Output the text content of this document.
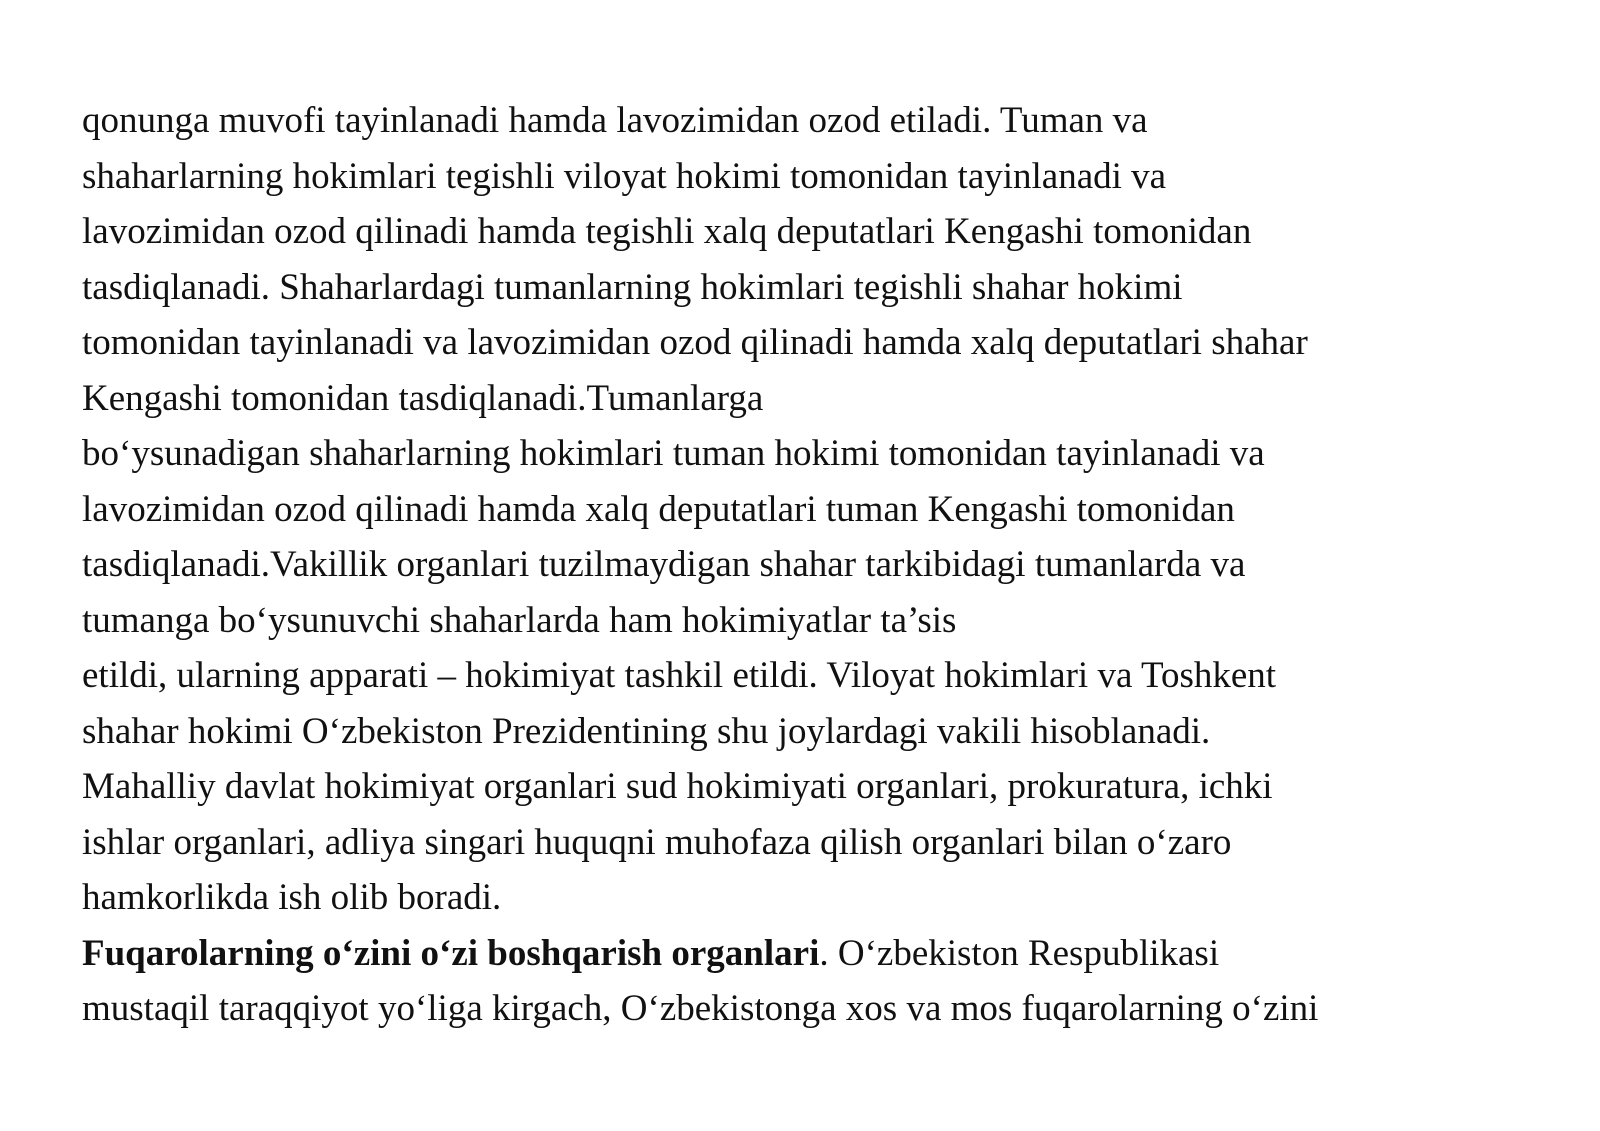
qonunga muvofi tayinlanadi hamda lavozimidan ozod etiladi. Tuman va
shaharlarning hokimlari tegishli viloyat hokimi tomonidan tayinlanadi va
lavozimidan ozod qilinadi hamda tegishli xalq deputatlari Kengashi tomonidan
tasdiqlanadi. Shaharlardagi tumanlarning hokimlari tegishli shahar hokimi
tomonidan tayinlanadi va lavozimidan ozod qilinadi hamda xalq deputatlari shahar
Kengashi tomonidan tasdiqlanadi.Tumanlarga
bo‘ysunadigan shaharlarning hokimlari tuman hokimi tomonidan tayinlanadi va
lavozimidan ozod qilinadi hamda xalq deputatlari tuman Kengashi tomonidan
tasdiqlanadi.Vakillik organlari tuzilmaydigan shahar tarkibidagi tumanlarda va
tumanga bo‘ysunuvchi shaharlarda ham hokimiyatlar ta’sis
etildi, ularning apparati – hokimiyat tashkil etildi. Viloyat hokimlari va Toshkent
shahar hokimi O‘zbekiston Prezidentining shu joylardagi vakili hisoblanadi.
Mahalliy davlat hokimiyat organlari sud hokimiyati organlari, prokuratura, ichki
ishlar organlari, adliya singari huquqni muhofaza qilish organlari bilan o‘zaro
hamkorlikda ish olib boradi.
Fuqarolarning o‘zini o‘zi boshqarish organlari. O‘zbekiston Respublikasi
mustaqil taraqqiyot yo‘liga kirgach, O‘zbekistonga xos va mos fuqarolarning o‘zini
